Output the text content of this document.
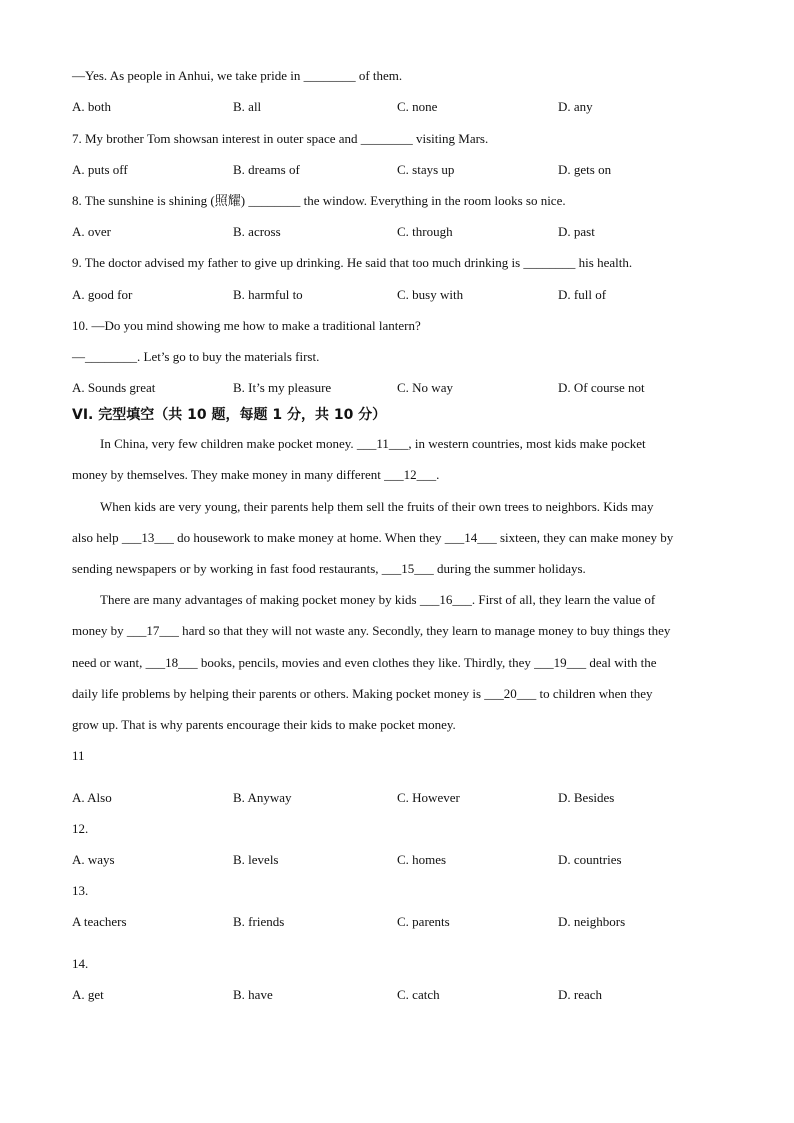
—Yes. As people in Anhui, we take pride in ________ of them.
A. both	B. all	C. none	D. any
7. My brother Tom showsan interest in outer space and ________ visiting Mars.
A. puts off	B. dreams of	C. stays up	D. gets on
8. The sunshine is shining (照耀) ________ the window. Everything in the room looks so nice.
A. over	B. across	C. through	D. past
9. The doctor advised my father to give up drinking. He said that too much drinking is ________ his health.
A. good for	B. harmful to	C. busy with	D. full of
10. —Do you mind showing me how to make a traditional lantern?
—________. Let’s go to buy the materials first.
A. Sounds great	B. It’s my pleasure	C. No way	D. Of course not
VI. 完型填空（共 10 题，每题 1 分，共 10 分）
In China, very few children make pocket money. ___11___, in western countries, most kids make pocket
money by themselves. They make money in many different ___12___.
When kids are very young, their parents help them sell the fruits of their own trees to neighbors. Kids may
also help ___13___ do housework to make money at home. When they ___14___ sixteen, they can make money by
sending newspapers or by working in fast food restaurants, ___15___ during the summer holidays.
There are many advantages of making pocket money by kids ___16___. First of all, they learn the value of
money by ___17___ hard so that they will not waste any. Secondly, they learn to manage money to buy things they
need or want, ___18___ books, pencils, movies and even clothes they like. Thirdly, they ___19___ deal with the
daily life problems by helping their parents or others. Making pocket money is ___20___ to children when they
grow up. That is why parents encourage their kids to make pocket money.
11
A. Also	B. Anyway	C. However	D. Besides
12.
A. ways	B. levels	C. homes	D. countries
13.
A teachers	B. friends	C. parents	D. neighbors
14.
A. get	B. have	C. catch	D. reach
